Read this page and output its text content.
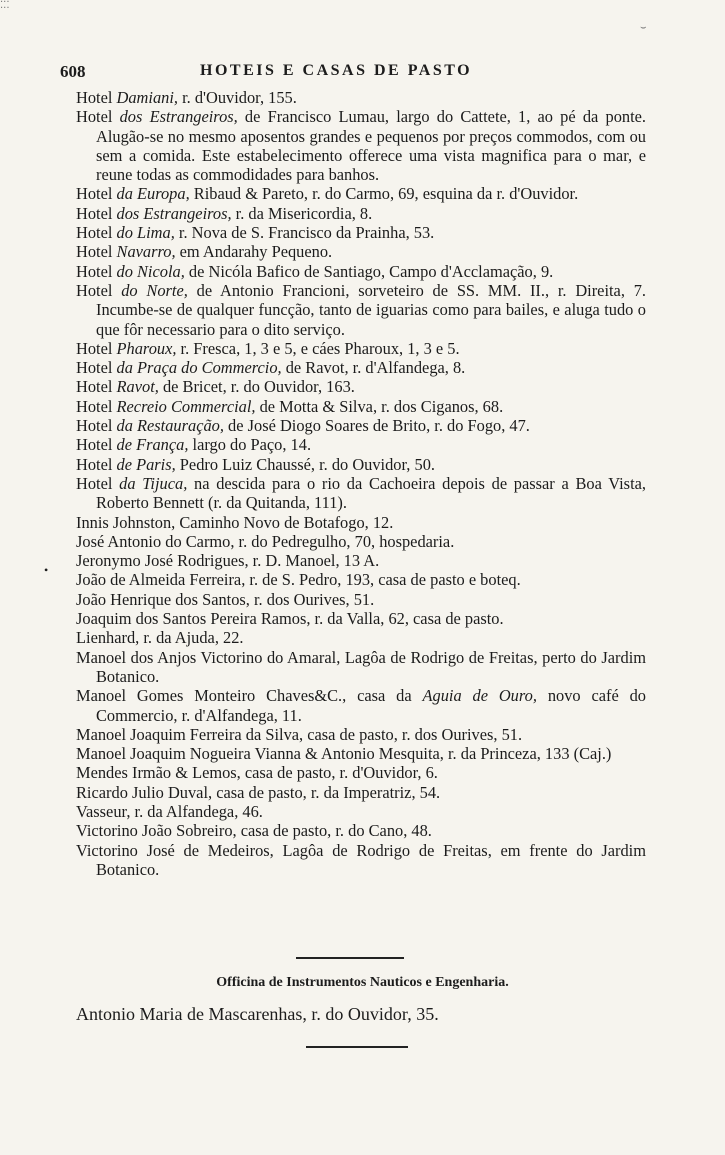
⁚⁚⁚
⌣
608	HOTEIS E CASAS DE PASTO
•

Hotel Damiani, r. d'Ouvidor, 155.

Hotel dos Estrangeiros, de Francisco Lumau, largo do Cattete, 1, ao pé da ponte. Alugão-se no mesmo aposentos grandes e pequenos por preços commodos, com ou sem a comida. Este estabelecimento offerece uma vista magnifica para o mar, e reune todas as commodidades para banhos.

Hotel da Europa, Ribaud & Pareto, r. do Carmo, 69, esquina da r. d'Ouvidor.

Hotel dos Estrangeiros, r. da Misericordia, 8.

Hotel do Lima, r. Nova de S. Francisco da Prainha, 53.

Hotel Navarro, em Andarahy Pequeno.

Hotel do Nicola, de Nicóla Bafico de Santiago, Campo d'Acclamação, 9.

Hotel do Norte, de Antonio Francioni, sorveteiro de SS. MM. II., r. Direita, 7. Incumbe-se de qualquer funcção, tanto de iguarias como para bailes, e aluga tudo o que fôr necessario para o dito serviço.

Hotel Pharoux, r. Fresca, 1, 3 e 5, e cáes Pharoux, 1, 3 e 5.

Hotel da Praça do Commercio, de Ravot, r. d'Alfandega, 8.

Hotel Ravot, de Bricet, r. do Ouvidor, 163.

Hotel Recreio Commercial, de Motta & Silva, r. dos Ciganos, 68.

Hotel da Restauração, de José Diogo Soares de Brito, r. do Fogo, 47.

Hotel de França, largo do Paço, 14.

Hotel de Paris, Pedro Luiz Chaussé, r. do Ouvidor, 50.

Hotel da Tijuca, na descida para o rio da Cachoeira depois de passar a Boa Vista, Roberto Bennett (r. da Quitanda, 111).

Innis Johnston, Caminho Novo de Botafogo, 12.

José Antonio do Carmo, r. do Pedregulho, 70, hospedaria.

Jeronymo José Rodrigues, r. D. Manoel, 13 A.

João de Almeida Ferreira, r. de S. Pedro, 193, casa de pasto e boteq.

João Henrique dos Santos, r. dos Ourives, 51.

Joaquim dos Santos Pereira Ramos, r. da Valla, 62, casa de pasto.

Lienhard, r. da Ajuda, 22.

Manoel dos Anjos Victorino do Amaral, Lagôa de Rodrigo de Freitas, perto do Jardim Botanico.

Manoel Gomes Monteiro Chaves&C., casa da Aguia de Ouro, novo café do Commercio, r. d'Alfandega, 11.

Manoel Joaquim Ferreira da Silva, casa de pasto, r. dos Ourives, 51.

Manoel Joaquim Nogueira Vianna & Antonio Mesquita, r. da Princeza, 133 (Caj.)

Mendes Irmão & Lemos, casa de pasto, r. d'Ouvidor, 6.

Ricardo Julio Duval, casa de pasto, r. da Imperatriz, 54.

Vasseur, r. da Alfandega, 46.

Victorino João Sobreiro, casa de pasto, r. do Cano, 48.

Victorino José de Medeiros, Lagôa de Rodrigo de Freitas, em frente do Jardim Botanico.

Officina de Instrumentos Nauticos e Engenharia.
Antonio Maria de Mascarenhas, r. do Ouvidor, 35.
